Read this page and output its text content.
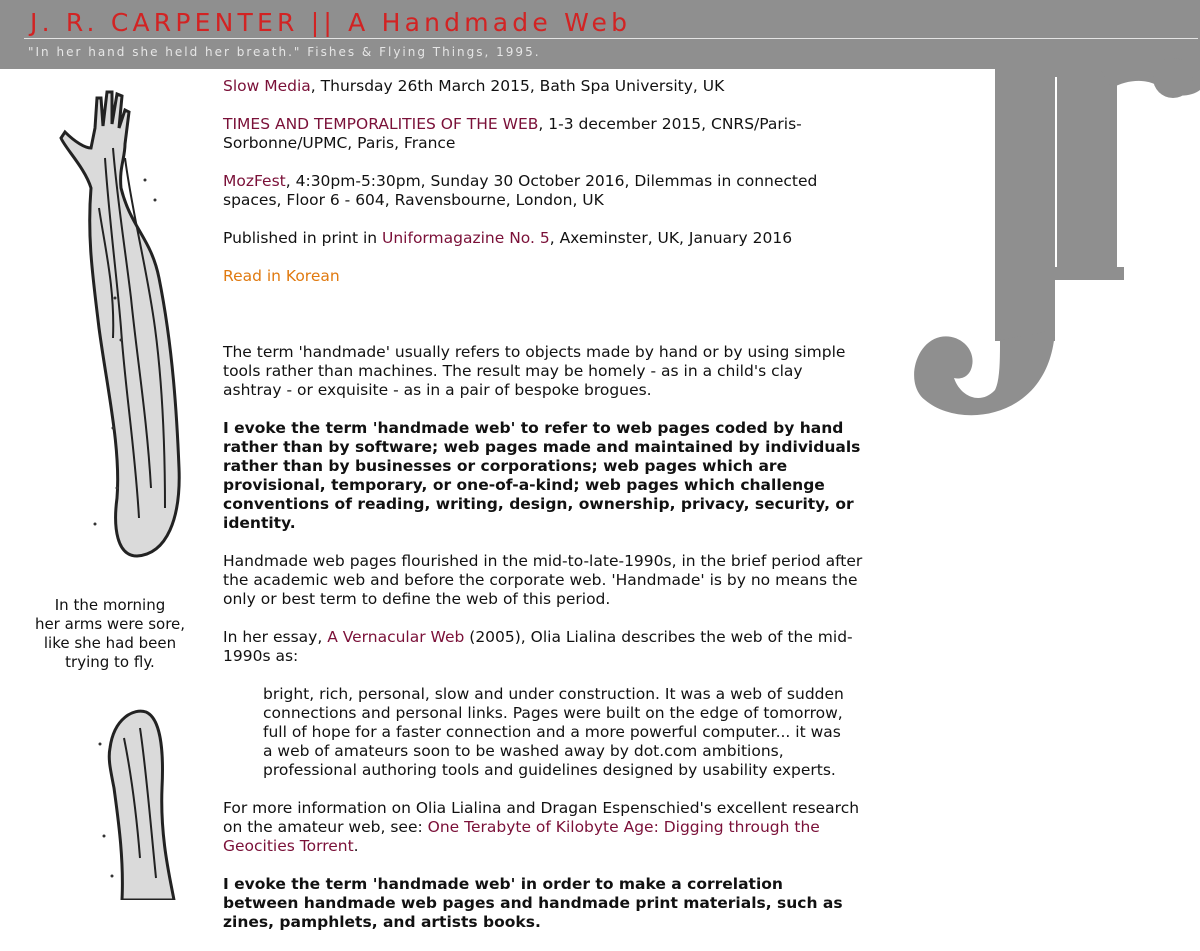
J. R. CARPENTER || A Handmade Web
"In her hand she held her breath." Fishes & Flying Things, 1995.
In the morning
her arms were sore,
like she had been
trying to fly.

Slow Media, Thursday 26th March 2015, Bath Spa University, UK

TIMES AND TEMPORALITIES OF THE WEB, 1-3 december 2015, CNRS/Paris-Sorbonne/UPMC, Paris, France

MozFest, 4:30pm-5:30pm, Sunday 30 October 2016, Dilemmas in connected spaces, Floor 6 - 604, Ravensbourne, London, UK

Published in print in Uniformagazine No. 5, Axeminster, UK, January 2016

Read in Korean

The term 'handmade' usually refers to objects made by hand or by using simple tools rather than machines. The result may be homely - as in a child's clay ashtray - or exquisite - as in a pair of bespoke brogues.

I evoke the term 'handmade web' to refer to web pages coded by hand rather than by software; web pages made and maintained by individuals rather than by businesses or corporations; web pages which are provisional, temporary, or one-of-a-kind; web pages which challenge conventions of reading, writing, design, ownership, privacy, security, or identity.

Handmade web pages flourished in the mid-to-late-1990s, in the brief period after the academic web and before the corporate web. 'Handmade' is by no means the only or best term to define the web of this period.

In her essay, A Vernacular Web (2005), Olia Lialina describes the web of the mid-1990s as:

bright, rich, personal, slow and under construction. It was a web of sudden
connections and personal links. Pages were built on the edge of tomorrow,
full of hope for a faster connection and a more powerful computer... it was
a web of amateurs soon to be washed away by dot.com ambitions,
professional authoring tools and guidelines designed by usability experts.

For more information on Olia Lialina and Dragan Espenschied's excellent research on the amateur web, see: One Terabyte of Kilobyte Age: Digging through the Geocities Torrent.

I evoke the term 'handmade web' in order to make a correlation between handmade web pages and handmade print materials, such as zines, pamphlets, and artists books.
